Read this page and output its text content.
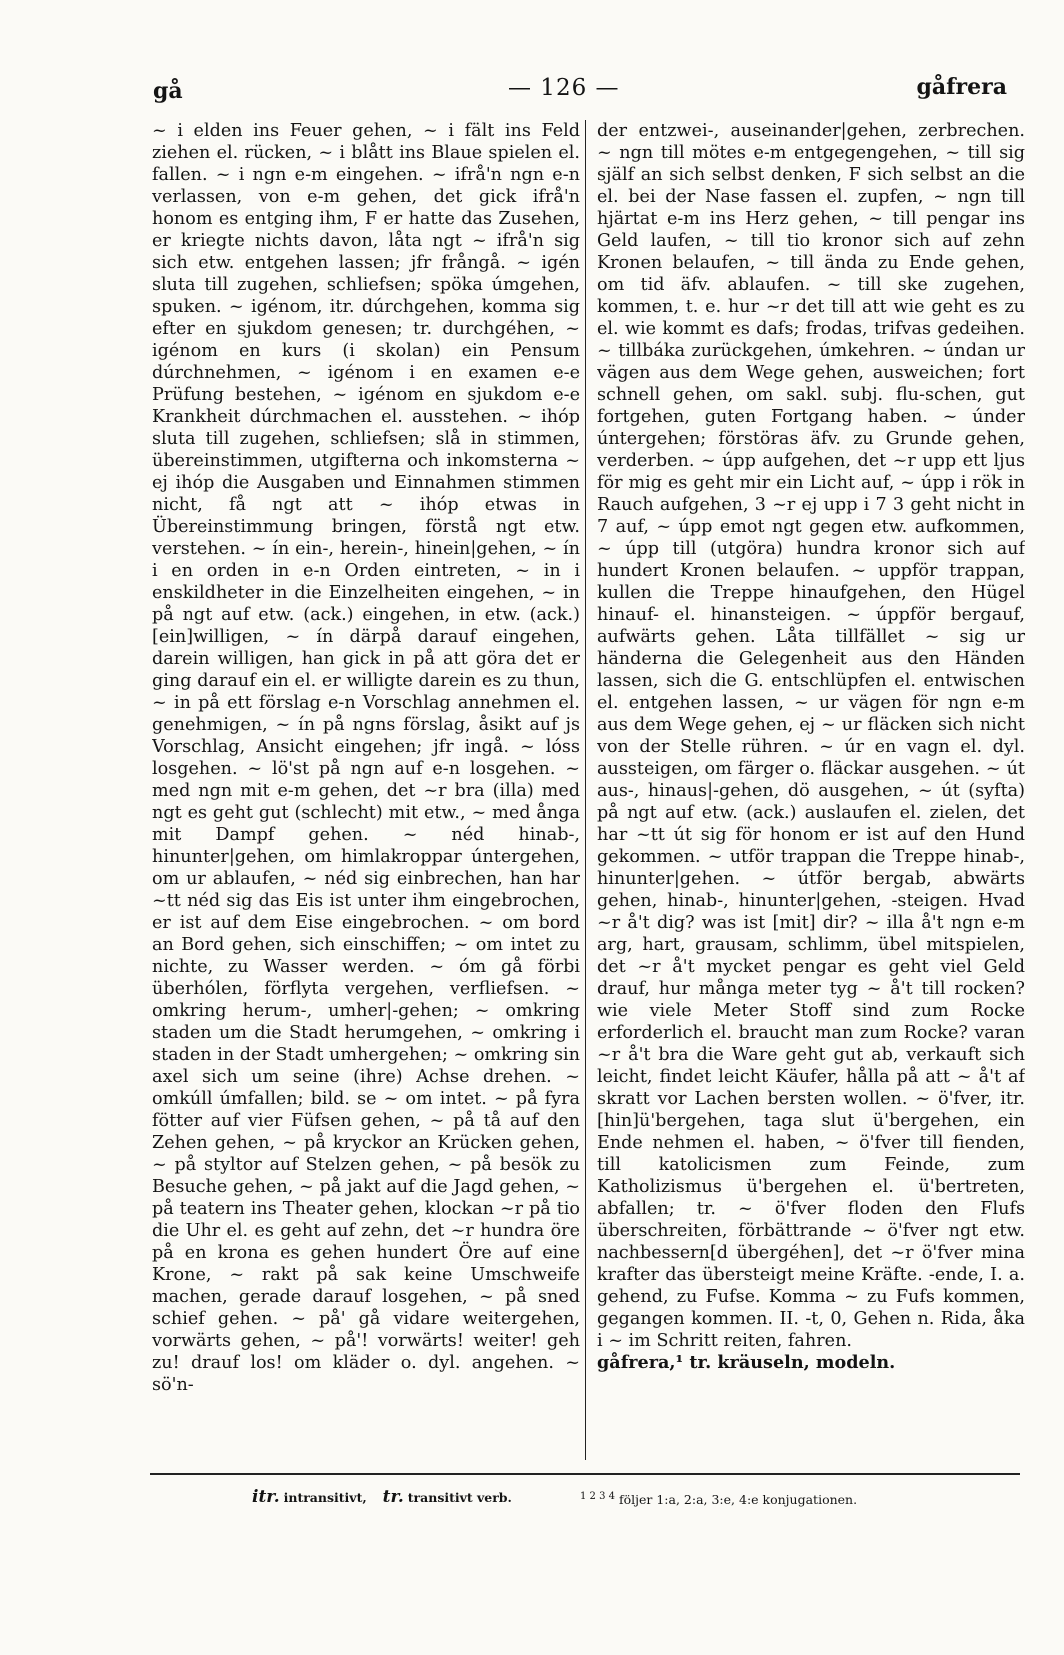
gå	— 126 —	gåfrera

~ i elden ins Feuer gehen, ~ i fält ins Feld ziehen el. rücken, ~ i blått ins Blaue spielen el. fallen. ~ i ngn e-m eingehen. ~ ifrå'n ngn e-n verlassen, von e-m gehen, det gick ifrå'n honom es entging ihm, F er hatte das Zusehen, er kriegte nichts davon, låta ngt ~ ifrå'n sig sich etw. entgehen lassen; jfr frångå. ~ igén sluta till zugehen, schliefsen; spöka úmgehen, spuken. ~ igénom, itr. dúrchgehen, komma sig efter en sjukdom genesen; tr. durchgéhen, ~ igénom en kurs (i skolan) ein Pensum dúrchnehmen, ~ igénom i en examen e-e Prüfung bestehen, ~ igénom en sjukdom e-e Krankheit dúrchmachen el. ausstehen. ~ ihóp sluta till zugehen, schliefsen; slå in stimmen, übereinstimmen, utgifterna och inkomsterna ~ ej ihóp die Ausgaben und Einnahmen stimmen nicht, få ngt att ~ ihóp etwas in Übereinstimmung bringen, förstå ngt etw. verstehen. ~ ín ein-, herein-, hinein|gehen, ~ ín i en orden in e-n Orden eintreten, ~ in i enskildheter in die Einzelheiten eingehen, ~ in på ngt auf etw. (ack.) eingehen, in etw. (ack.) [ein]willigen, ~ ín därpå darauf eingehen, darein willigen, han gick in på att göra det er ging darauf ein el. er willigte darein es zu thun, ~ in på ett förslag e-n Vorschlag annehmen el. genehmigen, ~ ín på ngns förslag, åsikt auf js Vorschlag, Ansicht eingehen; jfr ingå. ~ lóss losgehen. ~ lö'st på ngn auf e-n losgehen. ~ med ngn mit e-m gehen, det ~r bra (illa) med ngt es geht gut (schlecht) mit etw., ~ med ånga mit Dampf gehen. ~ néd hinab-, hinunter|gehen, om himlakroppar úntergehen, om ur ablaufen, ~ néd sig einbrechen, han har ~tt néd sig das Eis ist unter ihm eingebrochen, er ist auf dem Eise eingebrochen. ~ om bord an Bord gehen, sich einschiffen; ~ om intet zu nichte, zu Wasser werden. ~ óm gå förbi überhólen, förflyta vergehen, verfliefsen. ~ omkring herum-, umher|-gehen; ~ omkring staden um die Stadt herumgehen, ~ omkring i staden in der Stadt umhergehen; ~ omkring sin axel sich um seine (ihre) Achse drehen. ~ omkúll úmfallen; bild. se ~ om intet. ~ på fyra fötter auf vier Füfsen gehen, ~ på tå auf den Zehen gehen, ~ på kryckor an Krücken gehen, ~ på styltor auf Stelzen gehen, ~ på besök zu Besuche gehen, ~ på jakt auf die Jagd gehen, ~ på teatern ins Theater gehen, klockan ~r på tio die Uhr el. es geht auf zehn, det ~r hundra öre på en krona es gehen hundert Öre auf eine Krone, ~ rakt på sak keine Umschweife machen, gerade darauf losgehen, ~ på sned schief gehen. ~ på' gå vidare weitergehen, vorwärts gehen, ~ på'! vorwärts! weiter! geh zu! drauf los! om kläder o. dyl. angehen. ~ sö'n-

der entzwei-, auseinander|gehen, zerbrechen. ~ ngn till mötes e-m entgegengehen, ~ till sig själf an sich selbst denken, F sich selbst an die el. bei der Nase fassen el. zupfen, ~ ngn till hjärtat e-m ins Herz gehen, ~ till pengar ins Geld laufen, ~ till tio kronor sich auf zehn Kronen belaufen, ~ till ända zu Ende gehen, om tid äfv. ablaufen. ~ till ske zugehen, kommen, t. e. hur ~r det till att wie geht es zu el. wie kommt es dafs; frodas, trifvas gedeihen. ~ tillbáka zurückgehen, úmkehren. ~ úndan ur vägen aus dem Wege gehen, ausweichen; fort schnell gehen, om sakl. subj. flu-schen, gut fortgehen, guten Fortgang haben. ~ únder úntergehen; förstöras äfv. zu Grunde gehen, verderben. ~ úpp aufgehen, det ~r upp ett ljus för mig es geht mir ein Licht auf, ~ úpp i rök in Rauch aufgehen, 3 ~r ej upp i 7 3 geht nicht in 7 auf, ~ úpp emot ngt gegen etw. aufkommen, ~ úpp till (utgöra) hundra kronor sich auf hundert Kronen belaufen. ~ uppför trappan, kullen die Treppe hinaufgehen, den Hügel hinauf- el. hinansteigen. ~ úppför bergauf, aufwärts gehen. Låta tillfället ~ sig ur händerna die Gelegenheit aus den Händen lassen, sich die G. entschlüpfen el. entwischen el. entgehen lassen, ~ ur vägen för ngn e-m aus dem Wege gehen, ej ~ ur fläcken sich nicht von der Stelle rühren. ~ úr en vagn el. dyl. aussteigen, om färger o. fläckar ausgehen. ~ út aus-, hinaus|-gehen, dö ausgehen, ~ út (syfta) på ngt auf etw. (ack.) auslaufen el. zielen, det har ~tt út sig för honom er ist auf den Hund gekommen. ~ utför trappan die Treppe hinab-, hinunter|gehen. ~ útför bergab, abwärts gehen, hinab-, hinunter|gehen, -steigen. Hvad ~r å't dig? was ist [mit] dir? ~ illa å't ngn e-m arg, hart, grausam, schlimm, übel mitspielen, det ~r å't mycket pengar es geht viel Geld drauf, hur många meter tyg ~ å't till rocken? wie viele Meter Stoff sind zum Rocke erforderlich el. braucht man zum Rocke? varan ~r å't bra die Ware geht gut ab, verkauft sich leicht, findet leicht Käufer, hålla på att ~ å't af skratt vor Lachen bersten wollen. ~ ö'fver, itr. [hin]ü'bergehen, taga slut ü'bergehen, ein Ende nehmen el. haben, ~ ö'fver till fienden, till katolicismen zum Feinde, zum Katholizismus ü'bergehen el. ü'bertreten, abfallen; tr. ~ ö'fver floden den Flufs überschreiten, förbättrande ~ ö'fver ngt etw. nachbessern[d übergéhen], det ~r ö'fver mina krafter das übersteigt meine Kräfte. -ende, I. a. gehend, zu Fufse. Komma ~ zu Fufs kommen, gegangen kommen. II. -t, 0, Gehen n. Rida, åka i ~ im Schritt reiten, fahren.

gåfrera,¹ tr. kräuseln, modeln.

itr. intransitivt, tr. transitivt verb.	$^{1 2 3 4}$ följer 1:a, 2:a, 3:e, 4:e konjugationen.
